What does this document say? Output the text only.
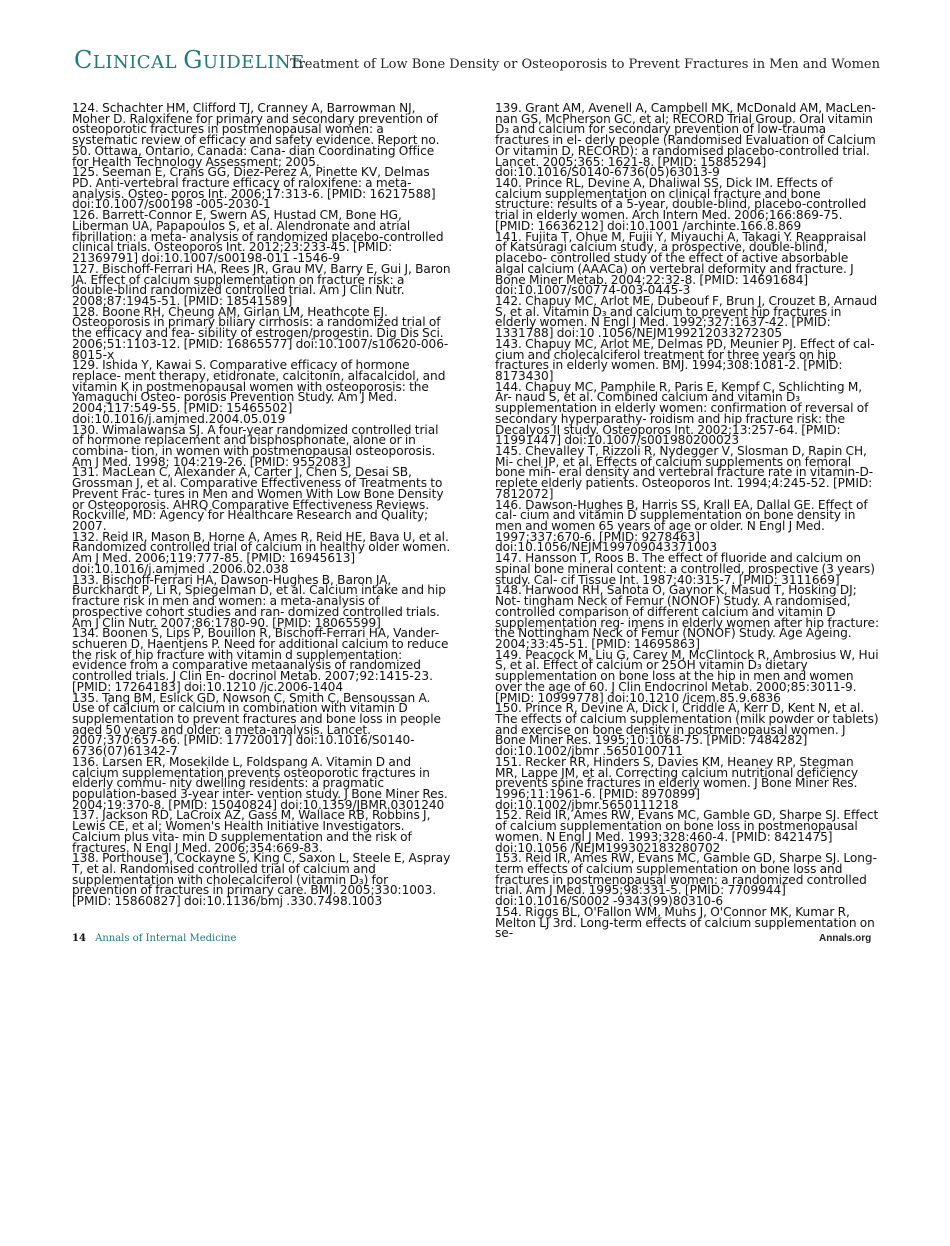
CLINICAL GUIDELINE
Treatment of Low Bone Density or Osteoporosis to Prevent Fractures in Men and Women

124. Schachter HM, Clifford TJ, Cranney A, Barrowman NJ, Moher D. Raloxifene for primary and secondary prevention of osteoporotic fractures in postmenopausal women: a systematic review of efficacy and safety evidence. Report no. 50. Ottawa, Ontario, Canada: Cana- dian Coordinating Office for Health Technology Assessment; 2005.

125. Seeman E, Crans GG, Diez-Perez A, Pinette KV, Delmas PD. Anti-vertebral fracture efficacy of raloxifene: a meta-analysis. Osteo- poros Int. 2006;17:313-6. [PMID: 16217588] doi:10.1007/s00198 -005-2030-1

126. Barrett-Connor E, Swern AS, Hustad CM, Bone HG, Liberman UA, Papapoulos S, et al. Alendronate and atrial fibrillation: a meta- analysis of randomized placebo-controlled clinical trials. Osteoporos Int. 2012;23:233-45. [PMID: 21369791] doi:10.1007/s00198-011 -1546-9

127. Bischoff-Ferrari HA, Rees JR, Grau MV, Barry E, Gui J, Baron JA. Effect of calcium supplementation on fracture risk: a double-blind randomized controlled trial. Am J Clin Nutr. 2008;87:1945-51. [PMID: 18541589]

128. Boone RH, Cheung AM, Girlan LM, Heathcote EJ. Osteoporosis in primary biliary cirrhosis: a randomized trial of the efficacy and fea- sibility of estrogen/progestin. Dig Dis Sci. 2006;51:1103-12. [PMID: 16865577] doi:10.1007/s10620-006-8015-x

129. Ishida Y, Kawai S. Comparative efficacy of hormone replace- ment therapy, etidronate, calcitonin, alfacalcidol, and vitamin K in postmenopausal women with osteoporosis: the Yamaguchi Osteo- porosis Prevention Study. Am J Med. 2004;117:549-55. [PMID: 15465502] doi:10.1016/j.amjmed.2004.05.019

130. Wimalawansa SJ. A four-year randomized controlled trial of hormone replacement and bisphosphonate, alone or in combina- tion, in women with postmenopausal osteoporosis. Am J Med. 1998; 104:219-26. [PMID: 9552083]

131. MacLean C, Alexander A, Carter J, Chen S, Desai SB, Grossman J, et al. Comparative Effectiveness of Treatments to Prevent Frac- tures in Men and Women With Low Bone Density or Osteoporosis. AHRQ Comparative Effectiveness Reviews. Rockville, MD: Agency for Healthcare Research and Quality; 2007.

132. Reid IR, Mason B, Horne A, Ames R, Reid HE, Bava U, et al. Randomized controlled trial of calcium in healthy older women. Am J Med. 2006;119:777-85. [PMID: 16945613] doi:10.1016/j.amjmed .2006.02.038

133. Bischoff-Ferrari HA, Dawson-Hughes B, Baron JA, Burckhardt P, Li R, Spiegelman D, et al. Calcium intake and hip fracture risk in men and women: a meta-analysis of prospective cohort studies and ran- domized controlled trials. Am J Clin Nutr. 2007;86:1780-90. [PMID: 18065599]

134. Boonen S, Lips P, Bouillon R, Bischoff-Ferrari HA, Vander- schueren D, Haentjens P. Need for additional calcium to reduce the risk of hip fracture with vitamin d supplementation: evidence from a comparative metaanalysis of randomized controlled trials. J Clin En- docrinol Metab. 2007;92:1415-23. [PMID: 17264183] doi:10.1210 /jc.2006-1404

135. Tang BM, Eslick GD, Nowson C, Smith C, Bensoussan A. Use of calcium or calcium in combination with vitamin D supplementation to prevent fractures and bone loss in people aged 50 years and older: a meta-analysis. Lancet. 2007;370:657-66. [PMID: 17720017] doi:10.1016/S0140-6736(07)61342-7

136. Larsen ER, Mosekilde L, Foldspang A. Vitamin D and calcium supplementation prevents osteoporotic fractures in elderly commu- nity dwelling residents: a pragmatic population-based 3-year inter- vention study. J Bone Miner Res. 2004;19:370-8. [PMID: 15040824] doi:10.1359/JBMR.0301240

137. Jackson RD, LaCroix AZ, Gass M, Wallace RB, Robbins J, Lewis CE, et al; Women's Health Initiative Investigators. Calcium plus vita- min D supplementation and the risk of fractures. N Engl J Med. 2006;354:669-83.

138. Porthouse J, Cockayne S, King C, Saxon L, Steele E, Aspray T, et al. Randomised controlled trial of calcium and supplementation with cholecalciferol (vitamin D₃) for prevention of fractures in primary care. BMJ. 2005;330:1003. [PMID: 15860827] doi:10.1136/bmj .330.7498.1003

139. Grant AM, Avenell A, Campbell MK, McDonald AM, MacLen- nan GS, McPherson GC, et al; RECORD Trial Group. Oral vitamin D₃ and calcium for secondary prevention of low-trauma fractures in el- derly people (Randomised Evaluation of Calcium Or vitamin D, RECORD): a randomised placebo-controlled trial. Lancet. 2005;365: 1621-8. [PMID: 15885294] doi:10.1016/S0140-6736(05)63013-9

140. Prince RL, Devine A, Dhaliwal SS, Dick IM. Effects of calcium supplementation on clinical fracture and bone structure: results of a 5-year, double-blind, placebo-controlled trial in elderly women. Arch Intern Med. 2006;166:869-75. [PMID: 16636212] doi:10.1001 /archinte.166.8.869

141. Fujita T, Ohue M, Fujii Y, Miyauchi A, Takagi Y. Reappraisal of Katsuragi calcium study, a prospective, double-blind, placebo- controlled study of the effect of active absorbable algal calcium (AAACa) on vertebral deformity and fracture. J Bone Miner Metab. 2004;22:32-8. [PMID: 14691684] doi:10.1007/s00774-003-0445-3

142. Chapuy MC, Arlot ME, Dubeouf F, Brun J, Crouzet B, Arnaud S, et al. Vitamin D₃ and calcium to prevent hip fractures in elderly women. N Engl J Med. 1992;327:1637-42. [PMID: 1331788] doi:10 .1056/NEJM199212033272305

143. Chapuy MC, Arlot ME, Delmas PD, Meunier PJ. Effect of cal- cium and cholecalciferol treatment for three years on hip fractures in elderly women. BMJ. 1994;308:1081-2. [PMID: 8173430]

144. Chapuy MC, Pamphile R, Paris E, Kempf C, Schlichting M, Ar- naud S, et al. Combined calcium and vitamin D₃ supplementation in elderly women: confirmation of reversal of secondary hyperparathy- roidism and hip fracture risk: the Decalyos II study. Osteoporos Int. 2002;13:257-64. [PMID: 11991447] doi:10.1007/s001980200023

145. Chevalley T, Rizzoli R, Nydegger V, Slosman D, Rapin CH, Mi- chel JP, et al. Effects of calcium supplements on femoral bone min- eral density and vertebral fracture rate in vitamin-D-replete elderly patients. Osteoporos Int. 1994;4:245-52. [PMID: 7812072]

146. Dawson-Hughes B, Harris SS, Krall EA, Dallal GE. Effect of cal- cium and vitamin D supplementation on bone density in men and women 65 years of age or older. N Engl J Med. 1997;337:670-6. [PMID: 9278463] doi:10.1056/NEJM199709043371003

147. Hansson T, Roos B. The effect of fluoride and calcium on spinal bone mineral content: a controlled, prospective (3 years) study. Cal- cif Tissue Int. 1987;40:315-7. [PMID: 3111669]

148. Harwood RH, Sahota O, Gaynor K, Masud T, Hosking DJ; Not- tingham Neck of Femur (NONOF) Study. A randomised, controlled comparison of different calcium and vitamin D supplementation reg- imens in elderly women after hip fracture: the Nottingham Neck of Femur (NONOF) Study. Age Ageing. 2004;33:45-51. [PMID: 14695863]

149. Peacock M, Liu G, Carey M, McClintock R, Ambrosius W, Hui S, et al. Effect of calcium or 25OH vitamin D₃ dietary supplementation on bone loss at the hip in men and women over the age of 60. J Clin Endocrinol Metab. 2000;85:3011-9. [PMID: 10999778] doi:10.1210 /jcem.85.9.6836

150. Prince R, Devine A, Dick I, Criddle A, Kerr D, Kent N, et al. The effects of calcium supplementation (milk powder or tablets) and exercise on bone density in postmenopausal women. J Bone Miner Res. 1995;10:1068-75. [PMID: 7484282] doi:10.1002/jbmr .5650100711

151. Recker RR, Hinders S, Davies KM, Heaney RP, Stegman MR, Lappe JM, et al. Correcting calcium nutritional deficiency prevents spine fractures in elderly women. J Bone Miner Res. 1996;11:1961-6. [PMID: 8970899] doi:10.1002/jbmr.5650111218

152. Reid IR, Ames RW, Evans MC, Gamble GD, Sharpe SJ. Effect of calcium supplementation on bone loss in postmenopausal women. N Engl J Med. 1993;328:460-4. [PMID: 8421475] doi:10.1056 /NEJM199302183280702

153. Reid IR, Ames RW, Evans MC, Gamble GD, Sharpe SJ. Long- term effects of calcium supplementation on bone loss and fractures in postmenopausal women: a randomized controlled trial. Am J Med. 1995;98:331-5. [PMID: 7709944] doi:10.1016/S0002 -9343(99)80310-6

154. Riggs BL, O'Fallon WM, Muhs J, O'Connor MK, Kumar R, Melton LJ 3rd. Long-term effects of calcium supplementation on se-

14 Annals of Internal Medicine	Annals.org
